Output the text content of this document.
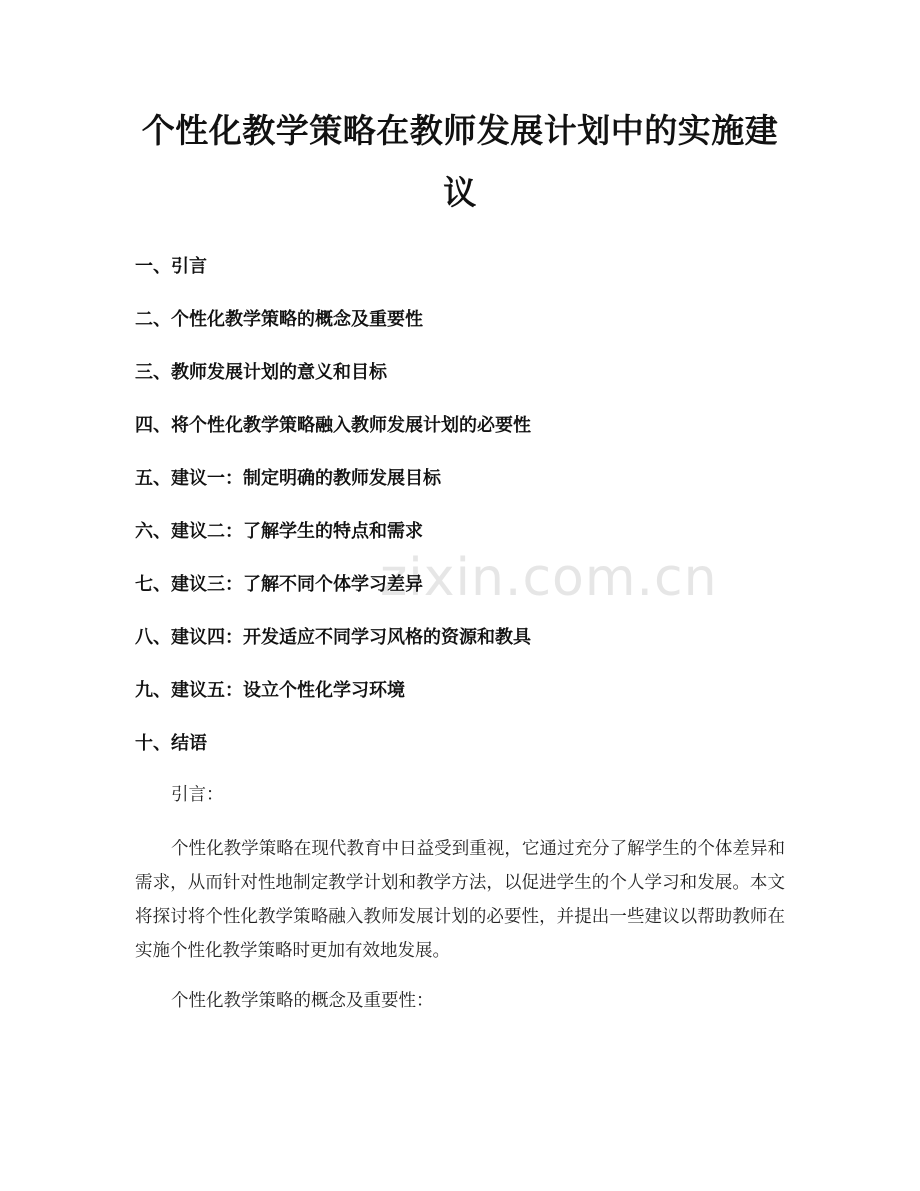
zixin.com.cn
个性化教学策略在教师发展计划中的实施建议
一、引言
二、个性化教学策略的概念及重要性
三、教师发展计划的意义和目标
四、将个性化教学策略融入教师发展计划的必要性
五、建议一：制定明确的教师发展目标
六、建议二：了解学生的特点和需求
七、建议三：了解不同个体学习差异
八、建议四：开发适应不同学习风格的资源和教具
九、建议五：设立个性化学习环境
十、结语

引言：

个性化教学策略在现代教育中日益受到重视，它通过充分了解学生的个体差异和需求，从而针对性地制定教学计划和教学方法，以促进学生的个人学习和发展。本文将探讨将个性化教学策略融入教师发展计划的必要性，并提出一些建议以帮助教师在实施个性化教学策略时更加有效地发展。

个性化教学策略的概念及重要性：
